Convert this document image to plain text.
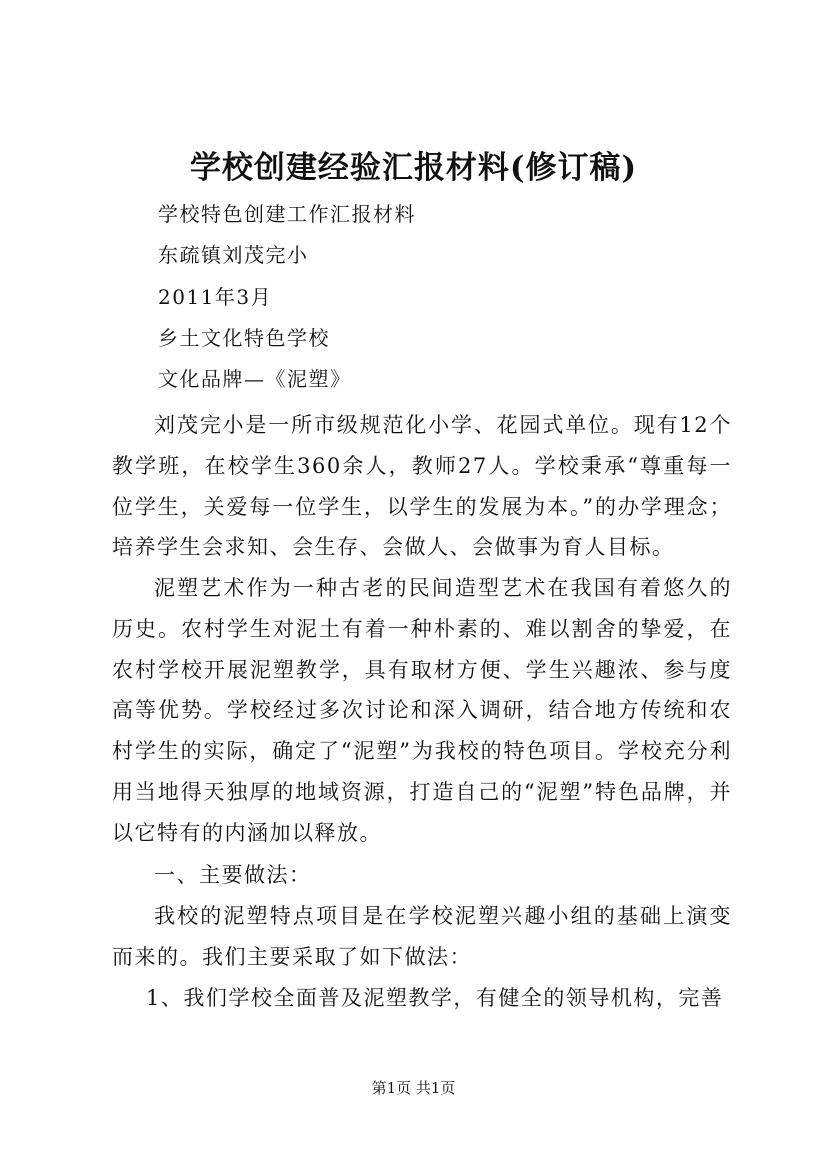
学校创建经验汇报材料(修订稿)
学校特色创建工作汇报材料
东疏镇刘茂完小
2011年3月
乡土文化特色学校
文化品牌—《泥塑》

刘茂完小是一所市级规范化小学、花园式单位。现有12个教学班，在校学生360余人，教师27人。学校秉承“尊重每一位学生，关爱每一位学生，以学生的发展为本。”的办学理念；培养学生会求知、会生存、会做人、会做事为育人目标。

泥塑艺术作为一种古老的民间造型艺术在我国有着悠久的历史。农村学生对泥土有着一种朴素的、难以割舍的挚爱，在农村学校开展泥塑教学，具有取材方便、学生兴趣浓、参与度高等优势。学校经过多次讨论和深入调研，结合地方传统和农村学生的实际，确定了“泥塑”为我校的特色项目。学校充分利用当地得天独厚的地域资源，打造自己的“泥塑”特色品牌，并以它特有的内涵加以释放。

一、主要做法：

我校的泥塑特点项目是在学校泥塑兴趣小组的基础上演变而来的。我们主要采取了如下做法：

1、我们学校全面普及泥塑教学，有健全的领导机构，完善

第1页 共1页
